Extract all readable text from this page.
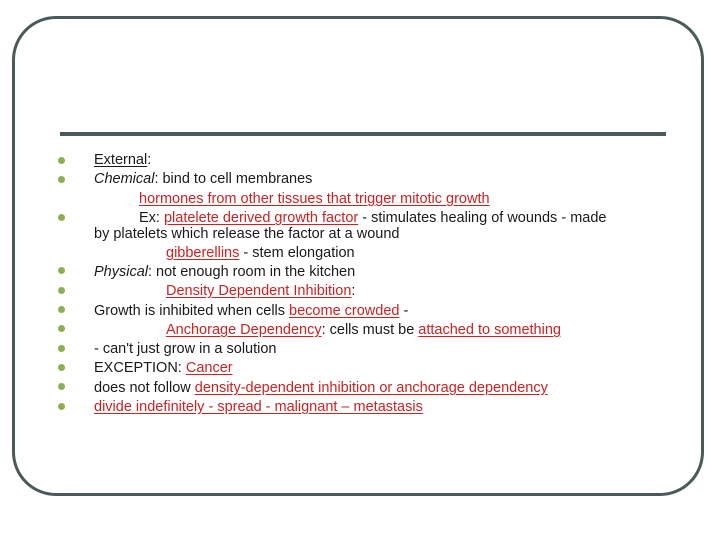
External:
Chemical: bind to cell membranes
hormones from other tissues that trigger mitotic growth
Ex: platelete derived growth factor - stimulates healing of wounds - made
by platelets which release the factor at a wound
gibberellins - stem elongation
Physical: not enough room in the kitchen
Density Dependent Inhibition:
Growth is inhibited when cells become crowded -
Anchorage Dependency: cells must be attached to something
- can't just grow in a solution
EXCEPTION: Cancer
does not follow density-dependent inhibition or anchorage dependency
divide indefinitely - spread - malignant – metastasis
